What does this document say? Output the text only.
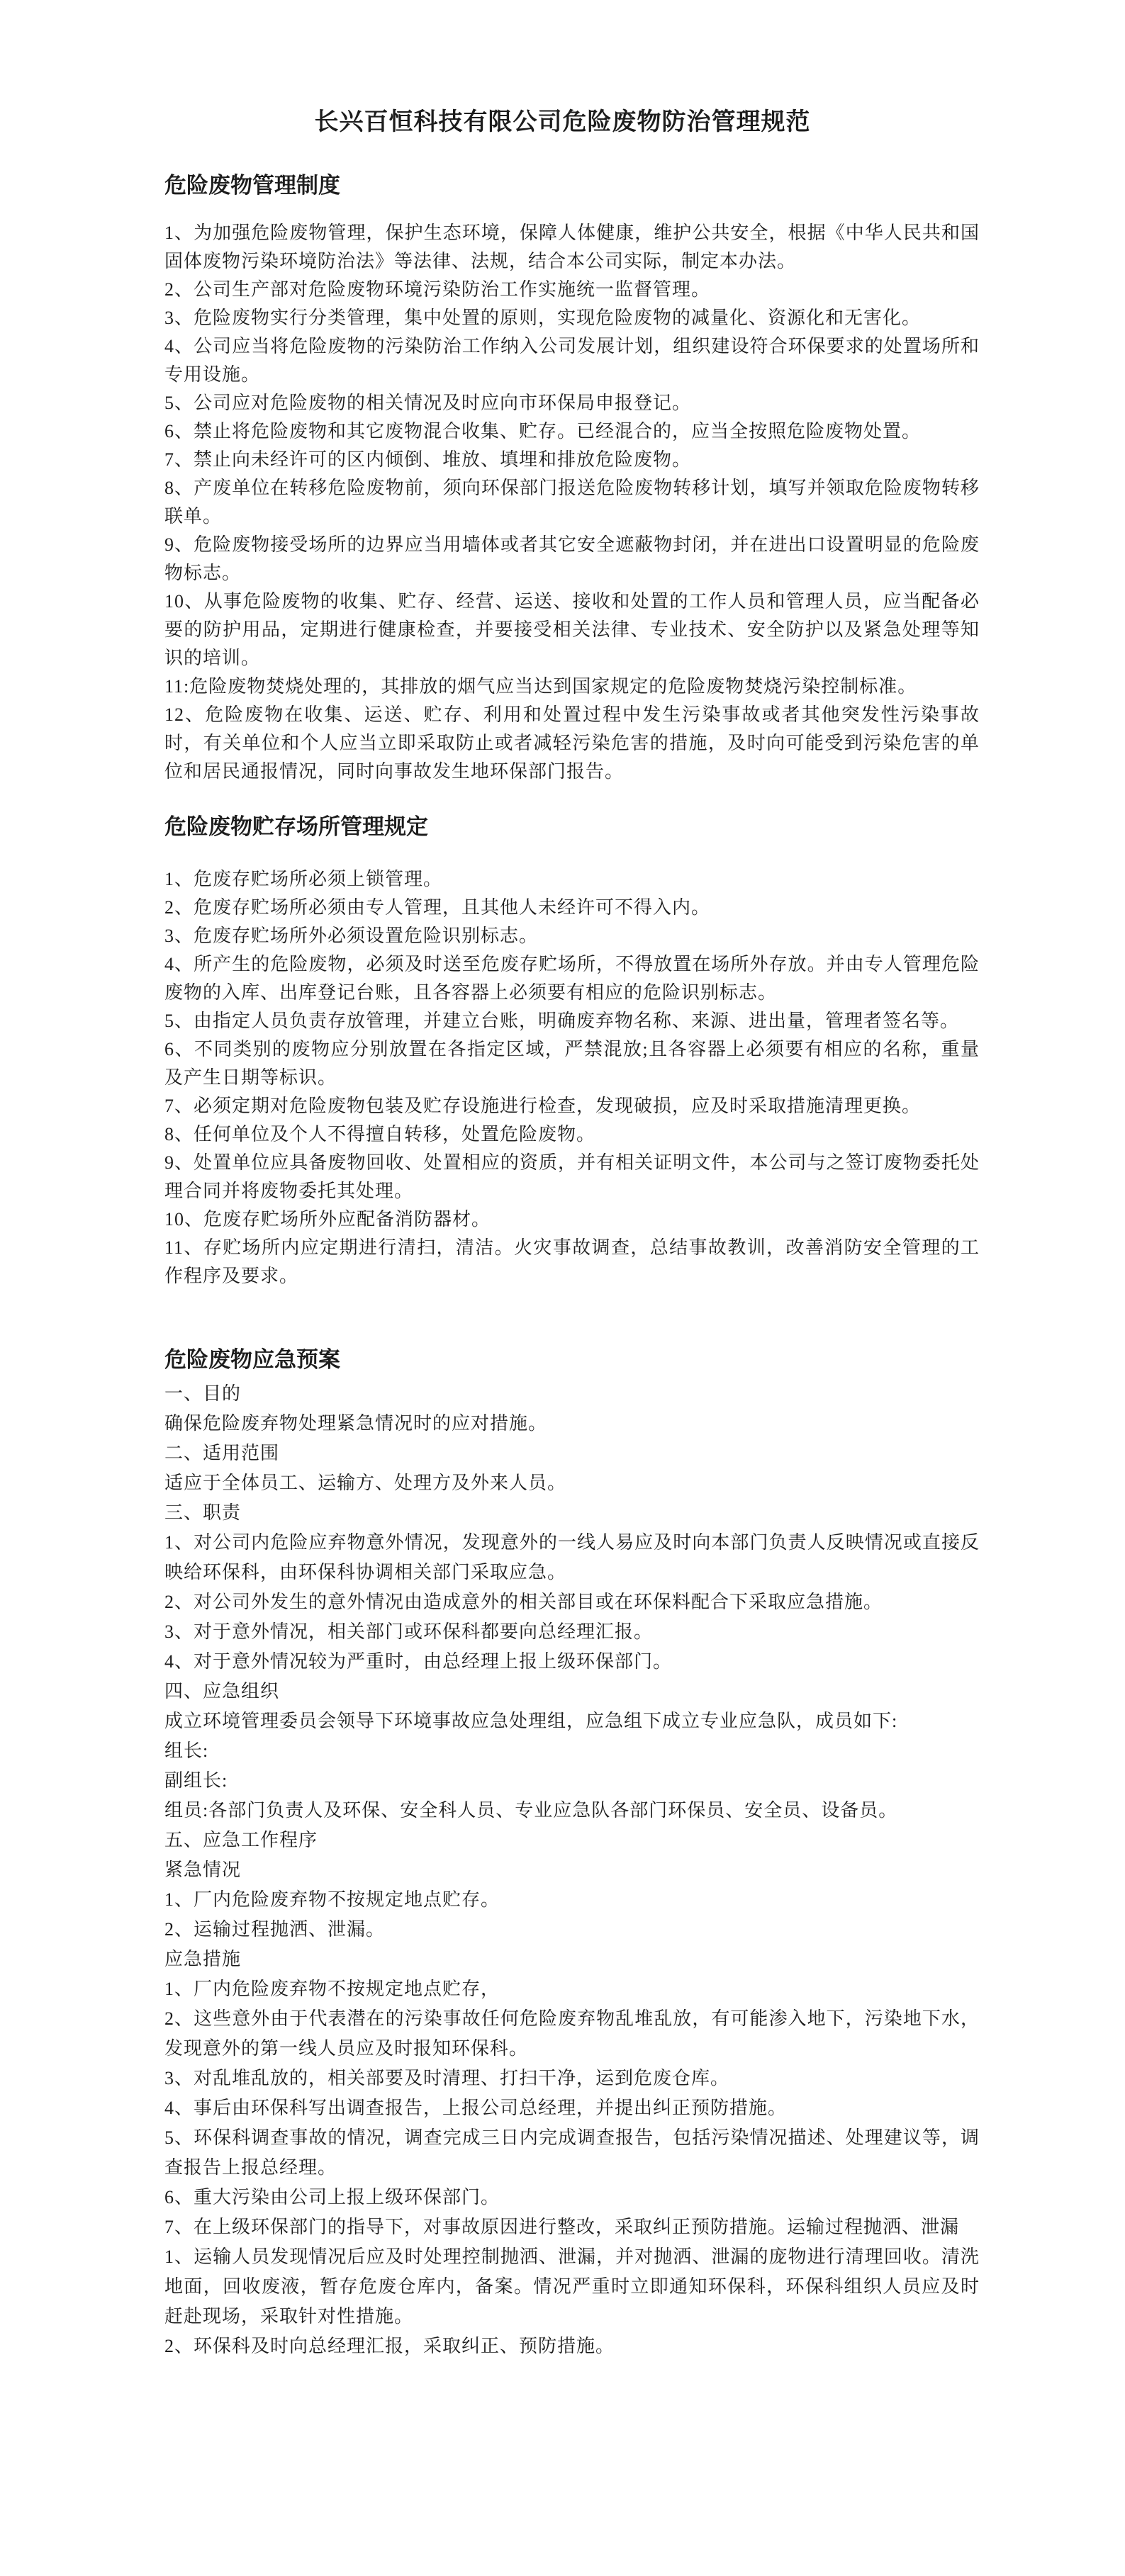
长兴百恒科技有限公司危险废物防治管理规范
危险废物管理制度

1、为加强危险废物管理，保护生态环境，保障人体健康，维护公共安全，根据《中华人民共和国固体废物污染环境防治法》等法律、法规，结合本公司实际，制定本办法。

2、公司生产部对危险废物环境污染防治工作实施统一监督管理。

3、危险废物实行分类管理，集中处置的原则，实现危险废物的减量化、资源化和无害化。

4、公司应当将危险废物的污染防治工作纳入公司发展计划，组织建设符合环保要求的处置场所和专用设施。

5、公司应对危险废物的相关情况及时应向市环保局申报登记。

6、禁止将危险废物和其它废物混合收集、贮存。已经混合的，应当全按照危险废物处置。

7、禁止向未经许可的区内倾倒、堆放、填埋和排放危险废物。

8、产废单位在转移危险废物前，须向环保部门报送危险废物转移计划，填写并领取危险废物转移联单。

9、危险废物接受场所的边界应当用墙体或者其它安全遮蔽物封闭，并在进出口设置明显的危险废物标志。

10、从事危险废物的收集、贮存、经营、运送、接收和处置的工作人员和管理人员，应当配备必要的防护用品，定期进行健康检查，并要接受相关法律、专业技术、安全防护以及紧急处理等知识的培训。

11:危险废物焚烧处理的，其排放的烟气应当达到国家规定的危险废物焚烧污染控制标准。

12、危险废物在收集、运送、贮存、利用和处置过程中发生污染事故或者其他突发性污染事故时，有关单位和个人应当立即采取防止或者减轻污染危害的措施，及时向可能受到污染危害的单位和居民通报情况，同时向事故发生地环保部门报告。

危险废物贮存场所管理规定

1、危废存贮场所必须上锁管理。

2、危废存贮场所必须由专人管理，且其他人未经许可不得入内。

3、危废存贮场所外必须设置危险识别标志。

4、所产生的危险废物，必须及时送至危废存贮场所，不得放置在场所外存放。并由专人管理危险废物的入库、出库登记台账，且各容器上必须要有相应的危险识别标志。

5、由指定人员负责存放管理，并建立台账，明确废弃物名称、来源、进出量，管理者签名等。

6、不同类别的废物应分别放置在各指定区域，严禁混放;且各容器上必须要有相应的名称，重量及产生日期等标识。

7、必须定期对危险废物包装及贮存设施进行检查，发现破损，应及时采取措施清理更换。

8、任何单位及个人不得擅自转移，处置危险废物。

9、处置单位应具备废物回收、处置相应的资质，并有相关证明文件，本公司与之签订废物委托处理合同并将废物委托其处理。

10、危废存贮场所外应配备消防器材。

11、存贮场所内应定期进行清扫，清洁。火灾事故调查，总结事故教训，改善消防安全管理的工作程序及要求。

危险废物应急预案

一、目的

确保危险废弃物处理紧急情况时的应对措施。

二、适用范围

适应于全体员工、运输方、处理方及外来人员。

三、职责

1、对公司内危险应弃物意外情况，发现意外的一线人易应及时向本部门负责人反映情况或直接反映给环保科，由环保科协调相关部门采取应急。

2、对公司外发生的意外情况由造成意外的相关部目或在环保料配合下采取应急措施。

3、对于意外情况，相关部门或环保科都要向总经理汇报。

4、对于意外情况较为严重时，由总经理上报上级环保部门。

四、应急组织

成立环境管理委员会领导下环境事故应急处理组，应急组下成立专业应急队，成员如下:

组长:

副组长:

组员:各部门负责人及环保、安全科人员、专业应急队各部门环保员、安全员、设备员。

五、应急工作程序

紧急情况

1、厂内危险废弃物不按规定地点贮存。

2、运输过程抛洒、泄漏。

应急措施

1、厂内危险废弃物不按规定地点贮存，

2、这些意外由于代表潜在的污染事故任何危险废弃物乱堆乱放，有可能渗入地下，污染地下水，发现意外的第一线人员应及时报知环保科。

3、对乱堆乱放的，相关部要及时清理、打扫干净，运到危废仓库。

4、事后由环保科写出调查报告，上报公司总经理，并提出纠正预防措施。

5、环保科调查事故的情况，调查完成三日内完成调查报告，包括污染情况描述、处理建议等，调查报告上报总经理。

6、重大污染由公司上报上级环保部门。

7、在上级环保部门的指导下，对事故原因进行整改，采取纠正预防措施。运输过程抛洒、泄漏

1、运输人员发现情况后应及时处理控制抛洒、泄漏，并对抛洒、泄漏的庞物进行清理回收。清洗地面，回收废液，暂存危废仓库内，备案。情况严重时立即通知环保科，环保科组织人员应及时赶赴现场，采取针对性措施。

2、环保科及时向总经理汇报，采取纠正、预防措施。
